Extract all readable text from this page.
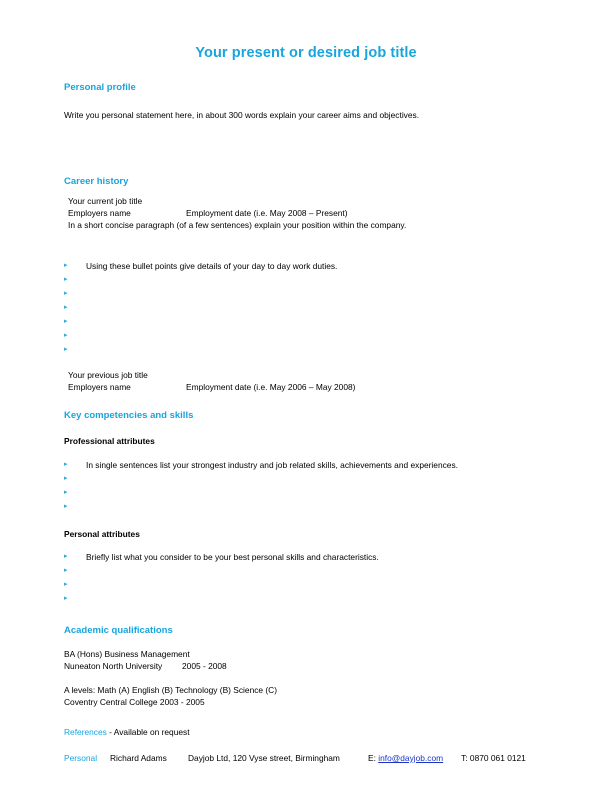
Your present or desired job title
Personal profile
Write you personal statement here, in about 300 words explain your career aims and objectives.
Career history
Your current job title
Employers name	Employment date (i.e. May 2008 – Present)
In a short concise paragraph (of a few sentences) explain your position within the company.
▸ Using these bullet points give details of your day to day work duties.
▸
▸
▸
▸
▸
▸
Your previous job title
Employers name	Employment date (i.e. May 2006 – May 2008)
Key competencies and skills
Professional attributes
▸ In single sentences list your strongest industry and job related skills, achievements and experiences.
▸
▸
▸
Personal attributes
▸ Briefly list what you consider to be your best personal skills and characteristics.
▸
▸
▸
Academic qualifications
BA (Hons) Business Management
Nuneaton North University 2005 - 2008
A levels: Math (A) English (B) Technology (B) Science (C)
Coventry Central College 2003 - 2005
References - Available on request
Personal Richard Adams	Dayjob Ltd, 120 Vyse street, Birmingham	E: info@dayjob.com T: 0870 061 0121
